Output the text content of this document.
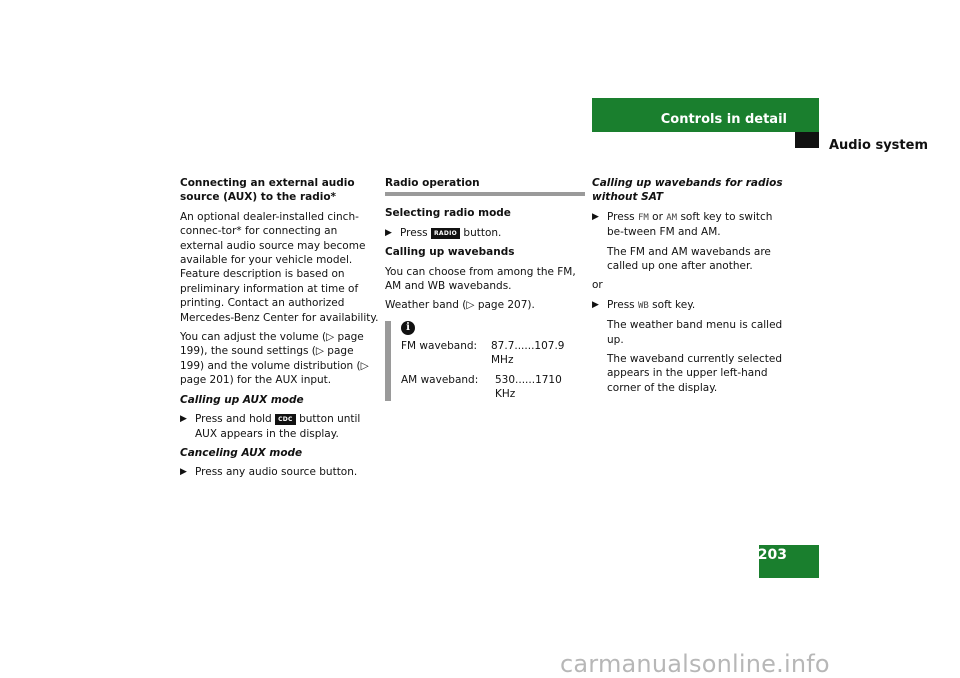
Controls in detail
Audio system
Connecting an external audio source (AUX) to the radio*
An optional dealer-installed cinch-connec-tor* for connecting an external audio source may become available for your vehicle model. Feature description is based on preliminary information at time of printing. Contact an authorized Mercedes-Benz Center for availability.
You can adjust the volume (▷ page 199), the sound settings (▷ page 199) and the volume distribution (▷ page 201) for the AUX input.
Calling up AUX mode
▶ Press and hold CDC button until AUX appears in the display.
Canceling AUX mode
▶ Press any audio source button.
Radio operation
Selecting radio mode
▶ Press RADIO button.
Calling up wavebands
You can choose from among the FM, AM and WB wavebands.
Weather band (▷ page 207).
i
FM waveband:	87.7......107.9 MHz
AM waveband:	530......1710 KHz
Calling up wavebands for radios without SAT
▶ Press FM or AM soft key to switch be-tween FM and AM.
The FM and AM wavebands are called up one after another.
or
▶ Press WB soft key.
The weather band menu is called up.
The waveband currently selected appears in the upper left-hand corner of the display.
203
carmanualsonline.info
